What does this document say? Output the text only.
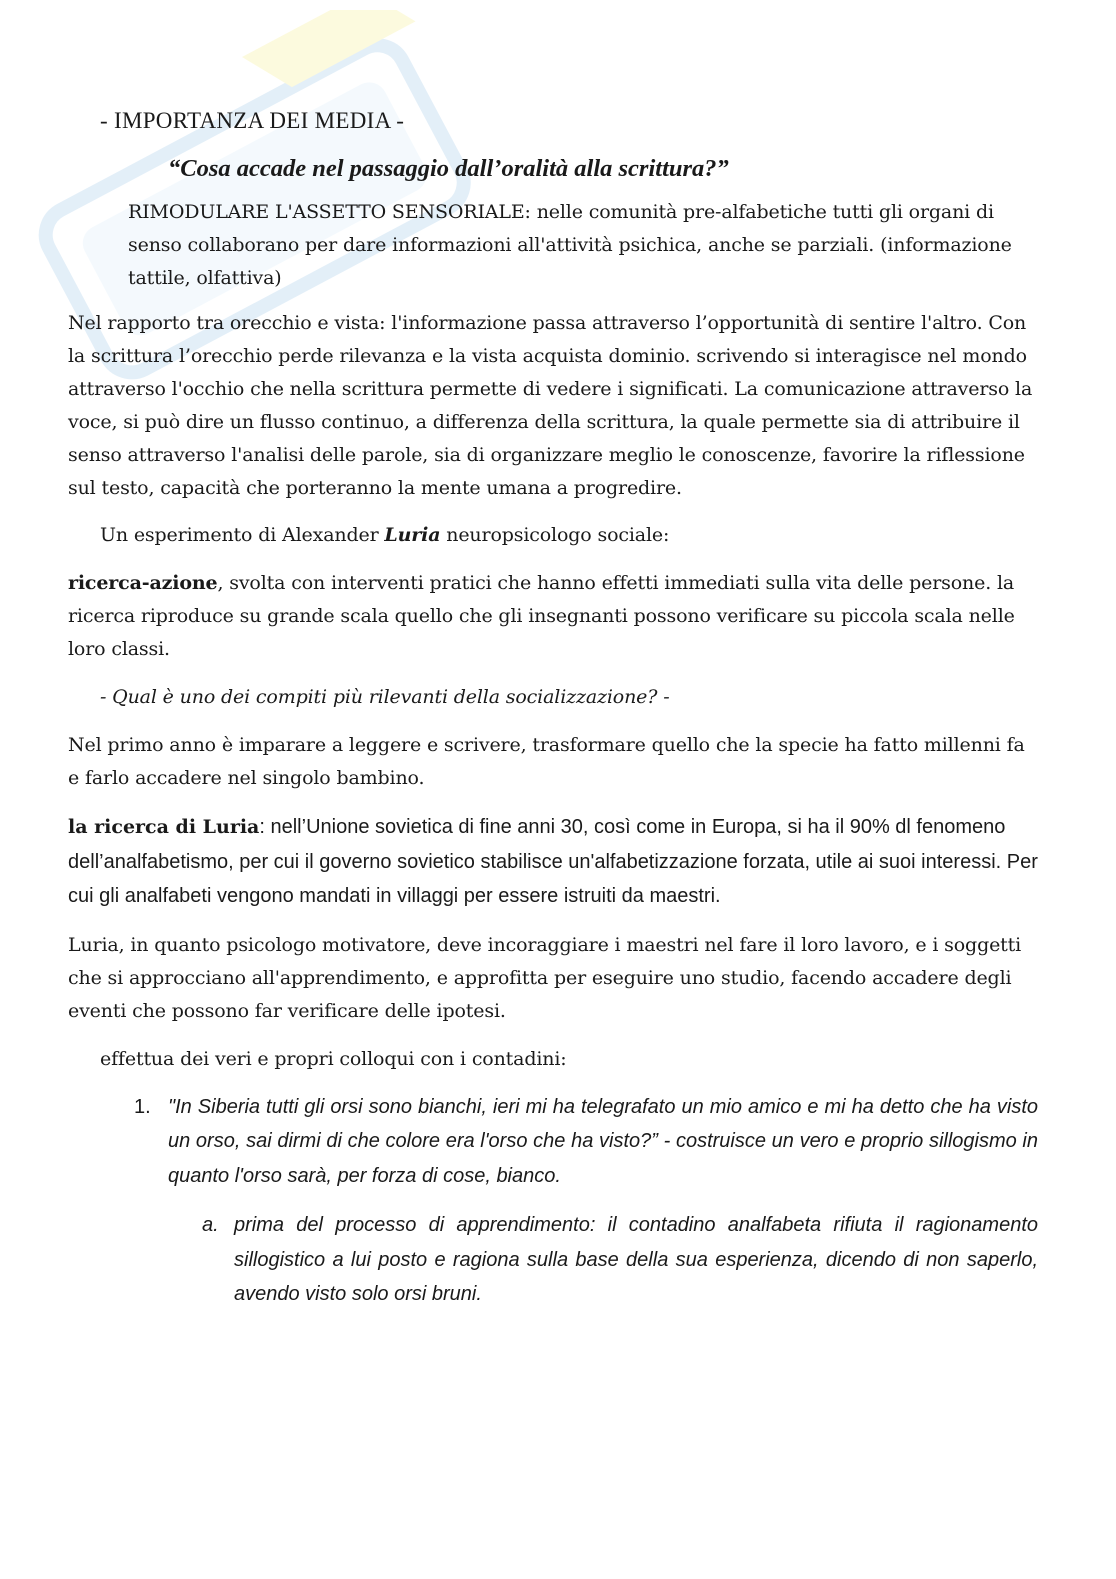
- IMPORTANZA DEI MEDIA -

“Cosa accade nel passaggio dall’oralità alla scrittura?”

RIMODULARE L'ASSETTO SENSORIALE: nelle comunità pre-alfabetiche tutti gli organi di senso collaborano per dare informazioni all'attività psichica, anche se parziali. (informazione tattile, olfattiva)

Nel rapporto tra orecchio e vista: l'informazione passa attraverso l’opportunità di sentire l'altro. Con la scrittura l’orecchio perde rilevanza e la vista acquista dominio. scrivendo si interagisce nel mondo attraverso l'occhio che nella scrittura permette di vedere i significati. La comunicazione attraverso la voce, si può dire un flusso continuo, a differenza della scrittura, la quale permette sia di attribuire il senso attraverso l'analisi delle parole, sia di organizzare meglio le conoscenze, favorire la riflessione sul testo, capacità che porteranno la mente umana a progredire.

Un esperimento di Alexander Luria neuropsicologo sociale:

ricerca-azione, svolta con interventi pratici che hanno effetti immediati sulla vita delle persone. la ricerca riproduce su grande scala quello che gli insegnanti possono verificare su piccola scala nelle loro classi.

- Qual è uno dei compiti più rilevanti della socializzazione? -

Nel primo anno è imparare a leggere e scrivere, trasformare quello che la specie ha fatto millenni fa e farlo accadere nel singolo bambino.

la ricerca di Luria: nell’Unione sovietica di fine anni 30, così come in Europa, si ha il 90% dl fenomeno dell’analfabetismo, per cui il governo sovietico stabilisce un'alfabetizzazione forzata, utile ai suoi interessi. Per cui gli analfabeti vengono mandati in villaggi per essere istruiti da maestri.

Luria, in quanto psicologo motivatore, deve incoraggiare i maestri nel fare il loro lavoro, e i soggetti che si approcciano all'apprendimento, e approfitta per eseguire uno studio, facendo accadere degli eventi che possono far verificare delle ipotesi.

effettua dei veri e propri colloqui con i contadini:

1. "In Siberia tutti gli orsi sono bianchi, ieri mi ha telegrafato un mio amico e mi ha detto che ha visto un orso, sai dirmi di che colore era l'orso che ha visto?” - costruisce un vero e proprio sillogismo in quanto l'orso sarà, per forza di cose, bianco.
a. prima del processo di apprendimento: il contadino analfabeta rifiuta il ragionamento sillogistico a lui posto e ragiona sulla base della sua esperienza, dicendo di non saperlo, avendo visto solo orsi bruni.
